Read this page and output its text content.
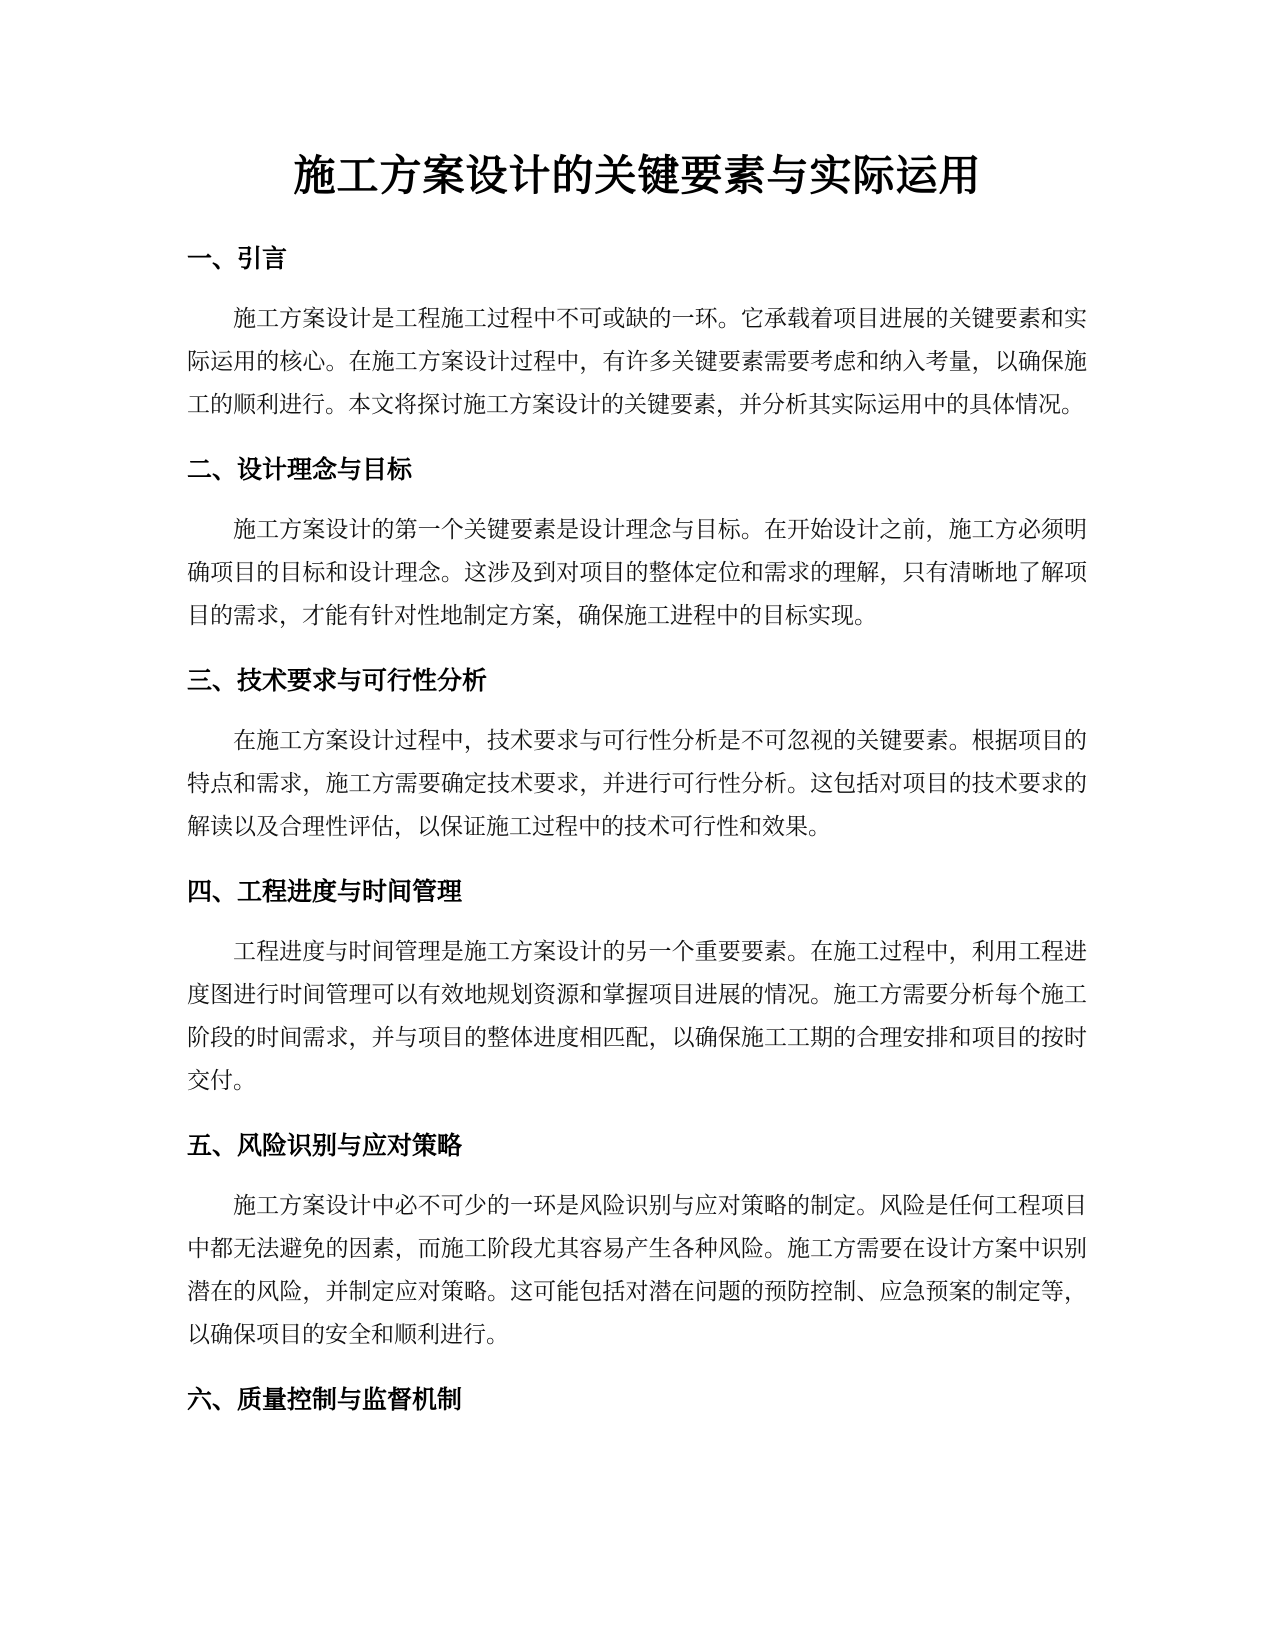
施工方案设计的关键要素与实际运用
一、引言

施工方案设计是工程施工过程中不可或缺的一环。它承载着项目进展的关键要素和实际运用的核心。在施工方案设计过程中，有许多关键要素需要考虑和纳入考量，以确保施工的顺利进行。本文将探讨施工方案设计的关键要素，并分析其实际运用中的具体情况。

二、设计理念与目标

施工方案设计的第一个关键要素是设计理念与目标。在开始设计之前，施工方必须明确项目的目标和设计理念。这涉及到对项目的整体定位和需求的理解，只有清晰地了解项目的需求，才能有针对性地制定方案，确保施工进程中的目标实现。

三、技术要求与可行性分析

在施工方案设计过程中，技术要求与可行性分析是不可忽视的关键要素。根据项目的特点和需求，施工方需要确定技术要求，并进行可行性分析。这包括对项目的技术要求的解读以及合理性评估，以保证施工过程中的技术可行性和效果。

四、工程进度与时间管理

工程进度与时间管理是施工方案设计的另一个重要要素。在施工过程中，利用工程进度图进行时间管理可以有效地规划资源和掌握项目进展的情况。施工方需要分析每个施工阶段的时间需求，并与项目的整体进度相匹配，以确保施工工期的合理安排和项目的按时交付。

五、风险识别与应对策略

施工方案设计中必不可少的一环是风险识别与应对策略的制定。风险是任何工程项目中都无法避免的因素，而施工阶段尤其容易产生各种风险。施工方需要在设计方案中识别潜在的风险，并制定应对策略。这可能包括对潜在问题的预防控制、应急预案的制定等，以确保项目的安全和顺利进行。

六、质量控制与监督机制
